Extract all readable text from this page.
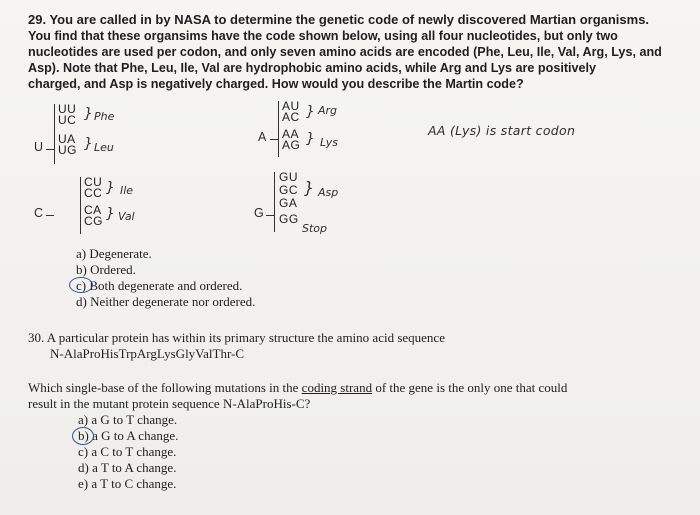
29. You are called in by NASA to determine the genetic code of newly discovered Martian organisms.
You find that these organsims have the code shown below, using all four nucleotides, but only two
nucleotides are used per codon, and only seven amino acids are encoded (Phe, Leu, Ile, Val, Arg, Lys, and
Asp). Note that Phe, Leu, Ile, Val are hydrophobic amino acids, while Arg and Lys are positively
charged, and Asp is negatively charged. How would you describe the Martin code?
U
UU
UC
UA
UG
} Phe
} Leu
A
AU
AC
AA
AG
} Arg
} Lys
AA (Lys) is start codon
C
CU
CC
CA
CG
} Ile
} Val	G
GU
GC
GA
GG
} Asp
Stop
a) Degenerate.
b) Ordered.
c) Both degenerate and ordered.
d) Neither degenerate nor ordered.
30. A particular protein has within its primary structure the amino acid sequence
N-AlaProHisTrpArgLysGlyValThr-C
Which single-base of the following mutations in the coding strand of the gene is the only one that could
result in the mutant protein sequence N-AlaProHis-C?
a) a G to T change.
b) a G to A change.
c) a C to T change.
d) a T to A change.
e) a T to C change.
